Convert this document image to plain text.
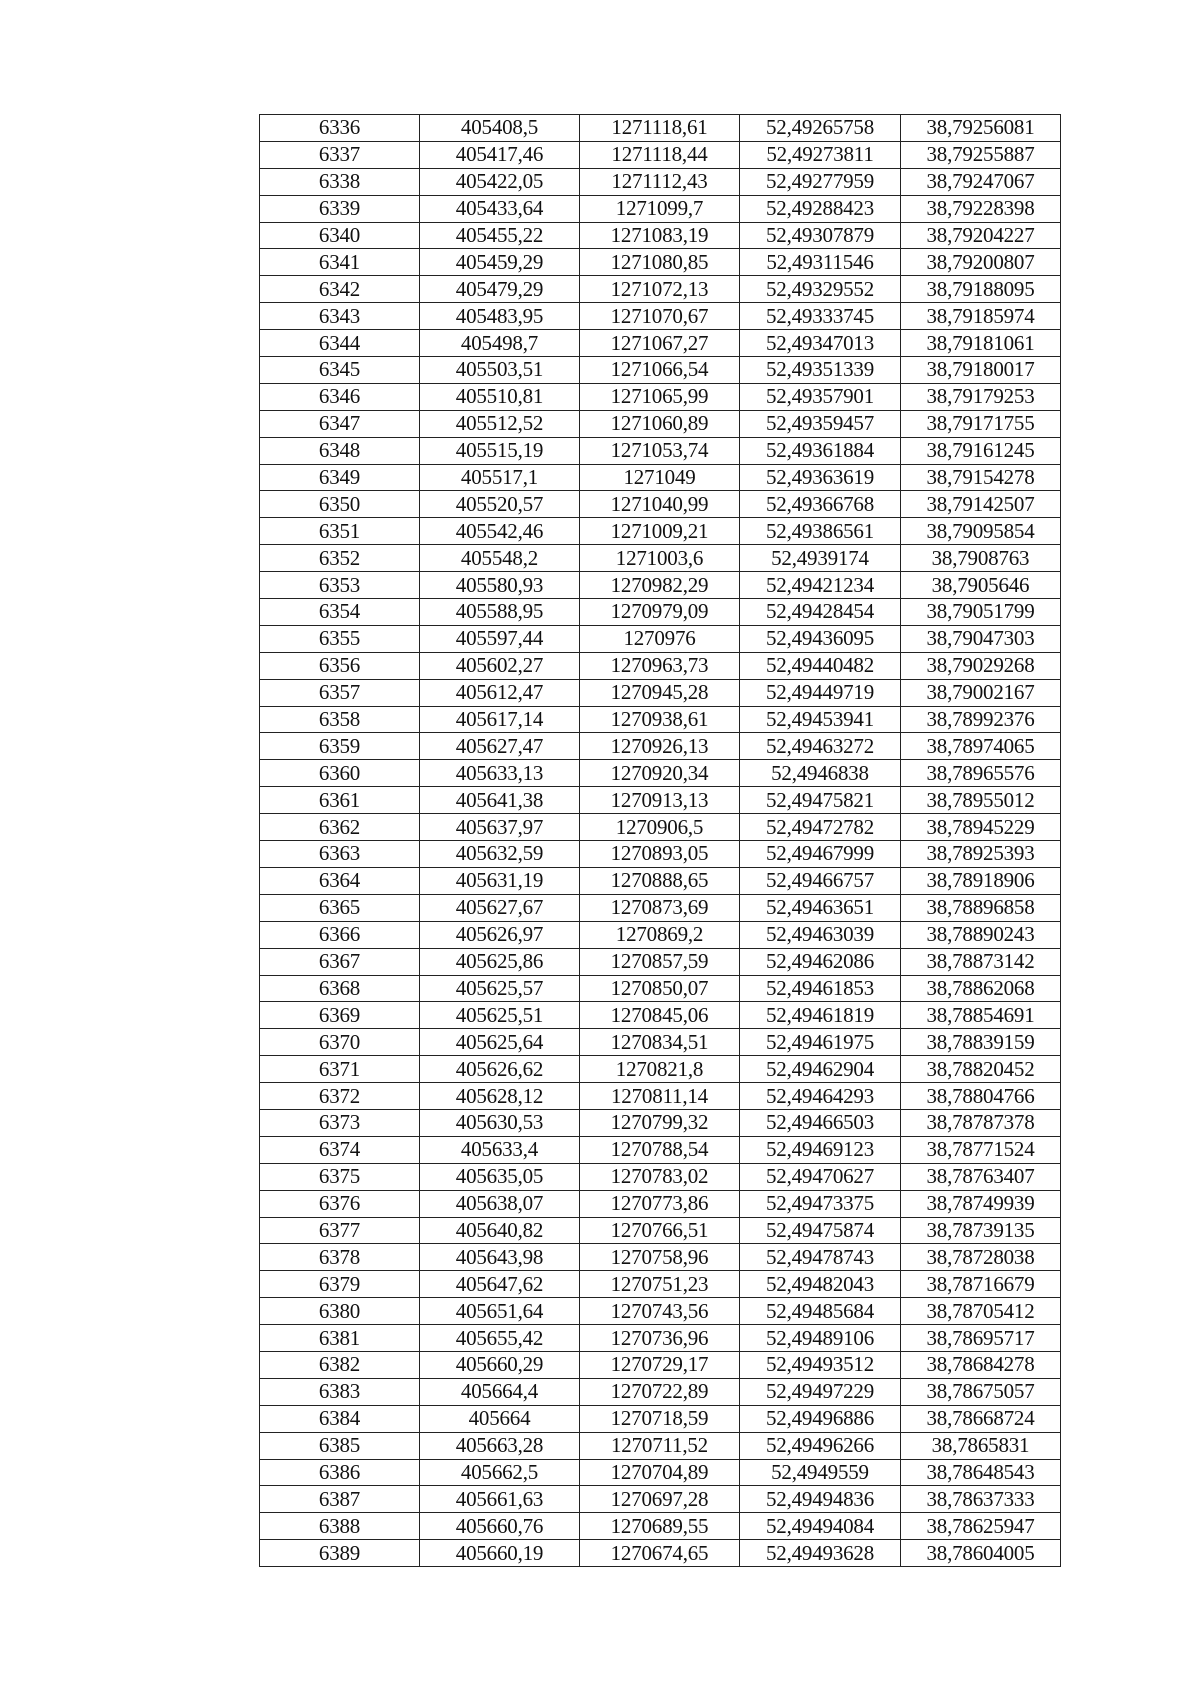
6336	405408,5	1271118,61	52,49265758	38,79256081
6337	405417,46	1271118,44	52,49273811	38,79255887
6338	405422,05	1271112,43	52,49277959	38,79247067
6339	405433,64	1271099,7	52,49288423	38,79228398
6340	405455,22	1271083,19	52,49307879	38,79204227
6341	405459,29	1271080,85	52,49311546	38,79200807
6342	405479,29	1271072,13	52,49329552	38,79188095
6343	405483,95	1271070,67	52,49333745	38,79185974
6344	405498,7	1271067,27	52,49347013	38,79181061
6345	405503,51	1271066,54	52,49351339	38,79180017
6346	405510,81	1271065,99	52,49357901	38,79179253
6347	405512,52	1271060,89	52,49359457	38,79171755
6348	405515,19	1271053,74	52,49361884	38,79161245
6349	405517,1	1271049	52,49363619	38,79154278
6350	405520,57	1271040,99	52,49366768	38,79142507
6351	405542,46	1271009,21	52,49386561	38,79095854
6352	405548,2	1271003,6	52,4939174	38,7908763
6353	405580,93	1270982,29	52,49421234	38,7905646
6354	405588,95	1270979,09	52,49428454	38,79051799
6355	405597,44	1270976	52,49436095	38,79047303
6356	405602,27	1270963,73	52,49440482	38,79029268
6357	405612,47	1270945,28	52,49449719	38,79002167
6358	405617,14	1270938,61	52,49453941	38,78992376
6359	405627,47	1270926,13	52,49463272	38,78974065
6360	405633,13	1270920,34	52,4946838	38,78965576
6361	405641,38	1270913,13	52,49475821	38,78955012
6362	405637,97	1270906,5	52,49472782	38,78945229
6363	405632,59	1270893,05	52,49467999	38,78925393
6364	405631,19	1270888,65	52,49466757	38,78918906
6365	405627,67	1270873,69	52,49463651	38,78896858
6366	405626,97	1270869,2	52,49463039	38,78890243
6367	405625,86	1270857,59	52,49462086	38,78873142
6368	405625,57	1270850,07	52,49461853	38,78862068
6369	405625,51	1270845,06	52,49461819	38,78854691
6370	405625,64	1270834,51	52,49461975	38,78839159
6371	405626,62	1270821,8	52,49462904	38,78820452
6372	405628,12	1270811,14	52,49464293	38,78804766
6373	405630,53	1270799,32	52,49466503	38,78787378
6374	405633,4	1270788,54	52,49469123	38,78771524
6375	405635,05	1270783,02	52,49470627	38,78763407
6376	405638,07	1270773,86	52,49473375	38,78749939
6377	405640,82	1270766,51	52,49475874	38,78739135
6378	405643,98	1270758,96	52,49478743	38,78728038
6379	405647,62	1270751,23	52,49482043	38,78716679
6380	405651,64	1270743,56	52,49485684	38,78705412
6381	405655,42	1270736,96	52,49489106	38,78695717
6382	405660,29	1270729,17	52,49493512	38,78684278
6383	405664,4	1270722,89	52,49497229	38,78675057
6384	405664	1270718,59	52,49496886	38,78668724
6385	405663,28	1270711,52	52,49496266	38,7865831
6386	405662,5	1270704,89	52,4949559	38,78648543
6387	405661,63	1270697,28	52,49494836	38,78637333
6388	405660,76	1270689,55	52,49494084	38,78625947
6389	405660,19	1270674,65	52,49493628	38,78604005
